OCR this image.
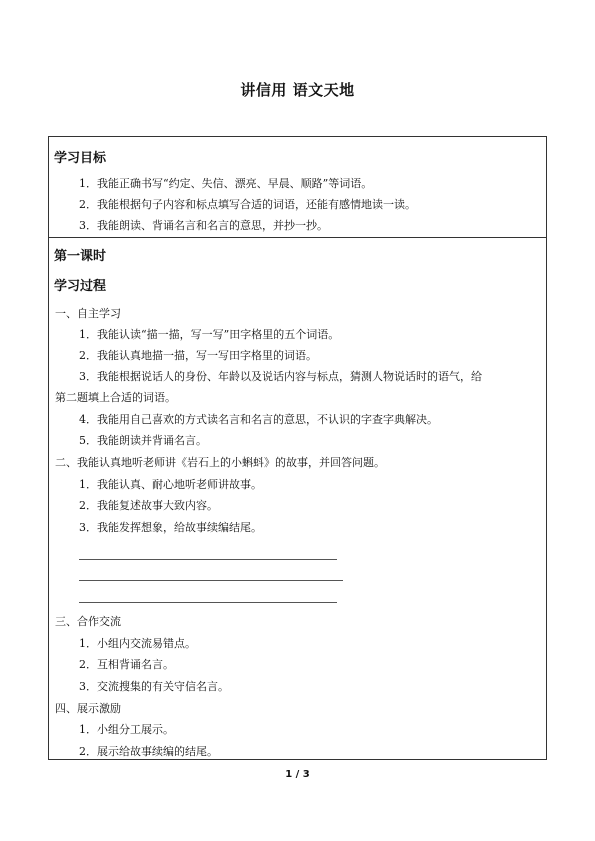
讲信用 语文天地
学习目标
1．我能正确书写“约定、失信、漂亮、早晨、顺路”等词语。
2．我能根据句子内容和标点填写合适的词语，还能有感情地读一读。
3．我能朗读、背诵名言和名言的意思，并抄一抄。
第一课时
学习过程
一、自主学习
1．我能认读“描一描，写一写”田字格里的五个词语。
2．我能认真地描一描，写一写田字格里的词语。
3．我能根据说话人的身份、年龄以及说话内容与标点，猜测人物说话时的语气，给
第二题填上合适的词语。
4．我能用自己喜欢的方式读名言和名言的意思，不认识的字查字典解决。
5．我能朗读并背诵名言。
二、我能认真地听老师讲《岩石上的小蝌蚪》的故事，并回答问题。
1．我能认真、耐心地听老师讲故事。
2．我能复述故事大致内容。
3．我能发挥想象，给故事续编结尾。
三、合作交流
1．小组内交流易错点。
2．互相背诵名言。
3．交流搜集的有关守信名言。
四、展示激励
1．小组分工展示。
2．展示给故事续编的结尾。
1 / 3
